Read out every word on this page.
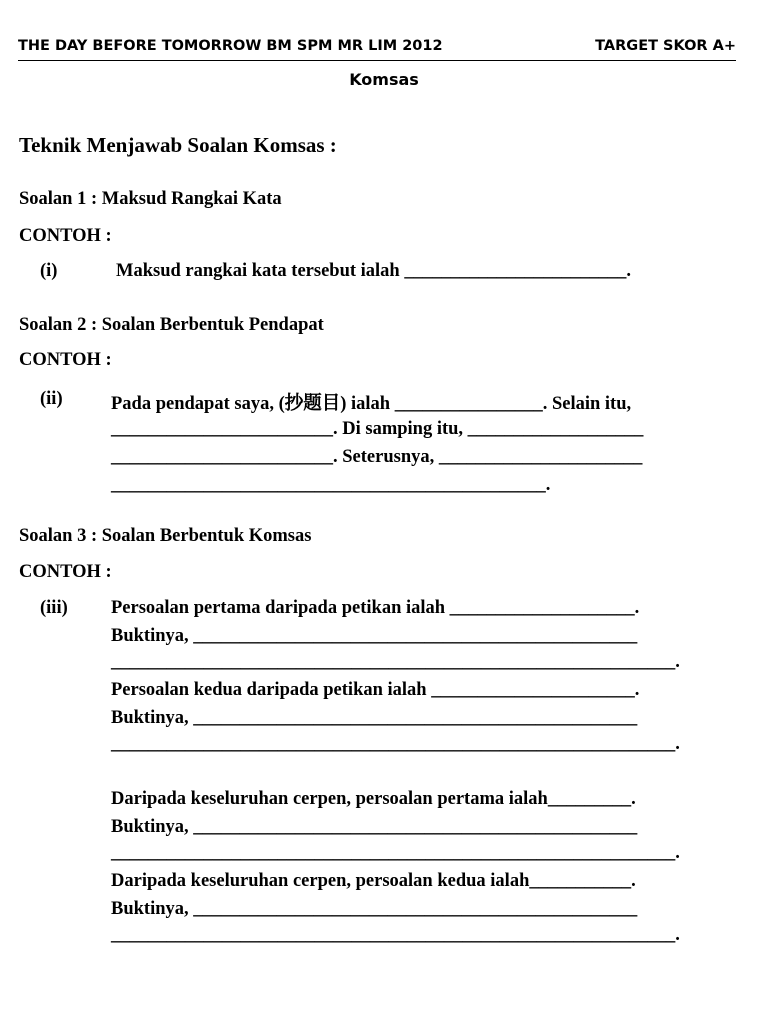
THE DAY BEFORE TOMORROW BM SPM MR LIM 2012	TARGET SKOR A+
Komsas
Teknik Menjawab Soalan Komsas :
Soalan 1 : Maksud Rangkai Kata
CONTOH :
(i)	Maksud rangkai kata tersebut ialah ________________________.
Soalan 2 : Soalan Berbentuk Pendapat
CONTOH :
(ii)	Pada pendapat saya, (抄题目) ialah ________________. Selain itu,
________________________. Di samping itu, ___________________
________________________. Seterusnya, ______________________
_______________________________________________.
Soalan 3 : Soalan Berbentuk Komsas
CONTOH :
(iii) Persoalan pertama daripada petikan ialah ____________________.
Buktinya, ________________________________________________
_____________________________________________________________.
Persoalan kedua daripada petikan ialah ______________________.
Buktinya, ________________________________________________
_____________________________________________________________.
Daripada keseluruhan cerpen, persoalan pertama ialah_________.
Buktinya, ________________________________________________
_____________________________________________________________.
Daripada keseluruhan cerpen, persoalan kedua ialah___________.
Buktinya, ________________________________________________
_____________________________________________________________.
